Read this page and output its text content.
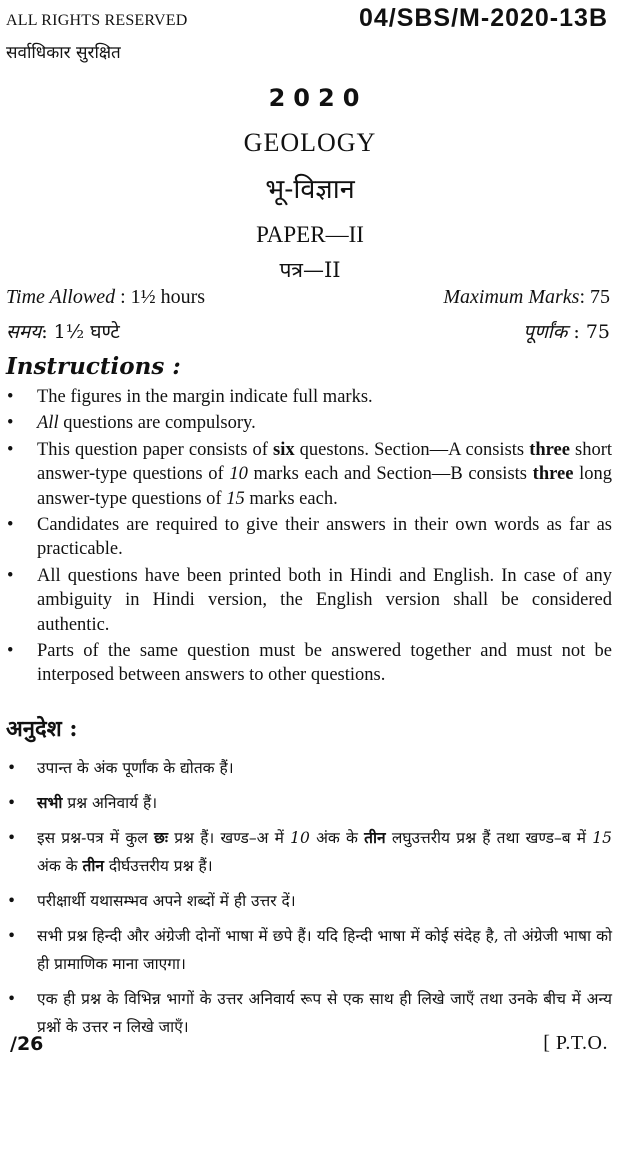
ALL RIGHTS RESERVED
सर्वाधिकार सुरक्षित
04/SBS/M-2020-13B
2020
GEOLOGY
भू-विज्ञान
PAPER—II
पत्र—II
Time Allowed : 1½ hours	Maximum Marks: 75
समय: 1½ घण्टे	पूर्णांक : 75
Instructions :
• The figures in the margin indicate full marks.
• All questions are compulsory.
• This question paper consists of six questons. Section—A consists three short answer-type questions of 10 marks each and Section—B consists three long answer-type questions of 15 marks each.
• Candidates are required to give their answers in their own words as far as practicable.
• All questions have been printed both in Hindi and English. In case of any ambiguity in Hindi version, the English version shall be considered authentic.
• Parts of the same question must be answered together and must not be interposed between answers to other questions.
अनुदेश :
• उपान्त के अंक पूर्णांक के द्योतक हैं।
• सभी प्रश्न अनिवार्य हैं।
• इस प्रश्न-पत्र में कुल छः प्रश्न हैं। खण्ड–अ में 10 अंक के तीन लघुउत्तरीय प्रश्न हैं तथा खण्ड–ब में 15 अंक के तीन दीर्घउत्तरीय प्रश्न हैं।
• परीक्षार्थी यथासम्भव अपने शब्दों में ही उत्तर दें।
• सभी प्रश्न हिन्दी और अंग्रेजी दोनों भाषा में छपे हैं। यदि हिन्दी भाषा में कोई संदेह है, तो अंग्रेजी भाषा को ही प्रामाणिक माना जाएगा।
• एक ही प्रश्न के विभिन्न भागों के उत्तर अनिवार्य रूप से एक साथ ही लिखे जाएँ तथा उनके बीच में अन्य प्रश्नों के उत्तर न लिखे जाएँ।
/26	[ P.T.O.
